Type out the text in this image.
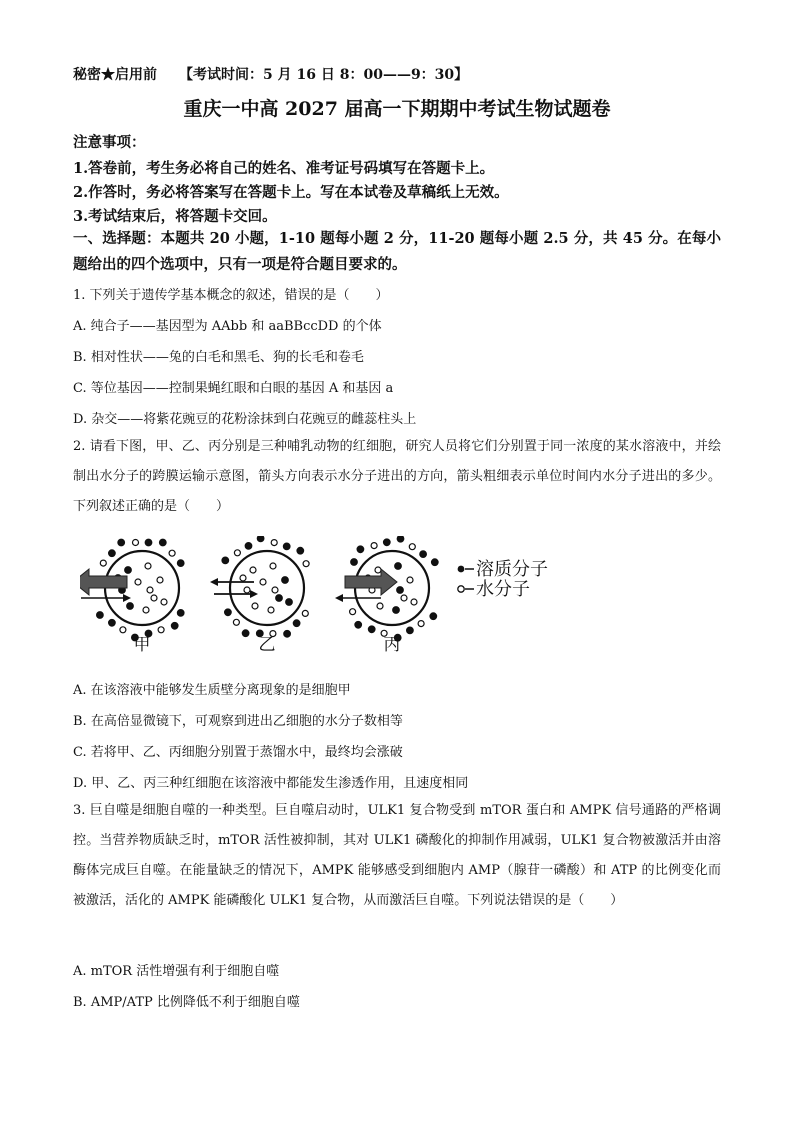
秘密★启用前 【考试时间：5 月 16 日 8：00——9：30】
重庆一中高 2027 届高一下期期中考试生物试题卷
注意事项：
1.答卷前，考生务必将自己的姓名、准考证号码填写在答题卡上。
2.作答时，务必将答案写在答题卡上。写在本试卷及草稿纸上无效。
3.考试结束后，将答题卡交回。
一、选择题：本题共 20 小题，1-10 题每小题 2 分，11-20 题每小题 2.5 分，共 45 分。在每小题给出的四个选项中，只有一项是符合题目要求的。
1. 下列关于遗传学基本概念的叙述，错误的是（　　）
A. 纯合子——基因型为 AAbb 和 aaBBccDD 的个体
B. 相对性状——兔的白毛和黑毛、狗的长毛和卷毛
C. 等位基因——控制果蝇红眼和白眼的基因 A 和基因 a
D. 杂交——将紫花豌豆的花粉涂抹到白花豌豆的雌蕊柱头上
2. 请看下图，甲、乙、丙分别是三种哺乳动物的红细胞，研究人员将它们分别置于同一浓度的某水溶液中，并绘制出水分子的跨膜运输示意图，箭头方向表示水分子进出的方向，箭头粗细表示单位时间内水分子进出的多少。下列叙述正确的是（　　）
甲	乙	丙
溶质分子
水分子
A. 在该溶液中能够发生质壁分离现象的是细胞甲
B. 在高倍显微镜下，可观察到进出乙细胞的水分子数相等
C. 若将甲、乙、丙细胞分别置于蒸馏水中，最终均会涨破
D. 甲、乙、丙三种红细胞在该溶液中都能发生渗透作用，且速度相同
3. 巨自噬是细胞自噬的一种类型。巨自噬启动时，ULK1 复合物受到 mTOR 蛋白和 AMPK 信号通路的严格调控。当营养物质缺乏时，mTOR 活性被抑制，其对 ULK1 磷酸化的抑制作用减弱，ULK1 复合物被激活并由溶酶体完成巨自噬。在能量缺乏的情况下，AMPK 能够感受到细胞内 AMP（腺苷一磷酸）和 ATP 的比例变化而被激活，活化的 AMPK 能磷酸化 ULK1 复合物，从而激活巨自噬。下列说法错误的是（　　）
A. mTOR 活性增强有利于细胞自噬
B. AMP/ATP 比例降低不利于细胞自噬
